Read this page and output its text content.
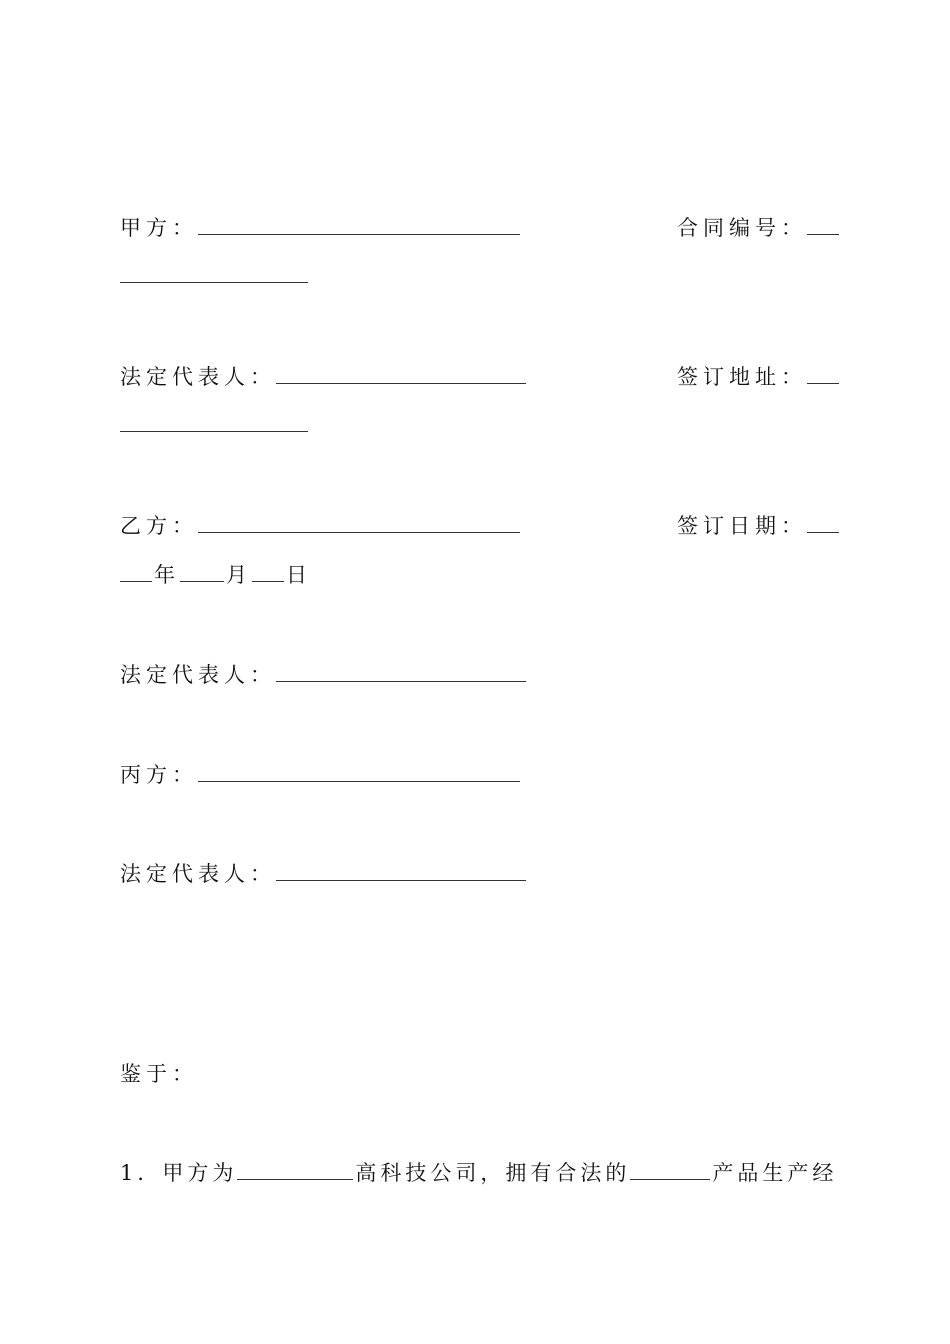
甲方：	合同编号：
法定代表人：	签订地址：
乙方：	签订日期：
年 月 日
法定代表人：
丙方：
法定代表人：
鉴于：
1．甲方为	高科技公司，拥有合法的	产品生产经
